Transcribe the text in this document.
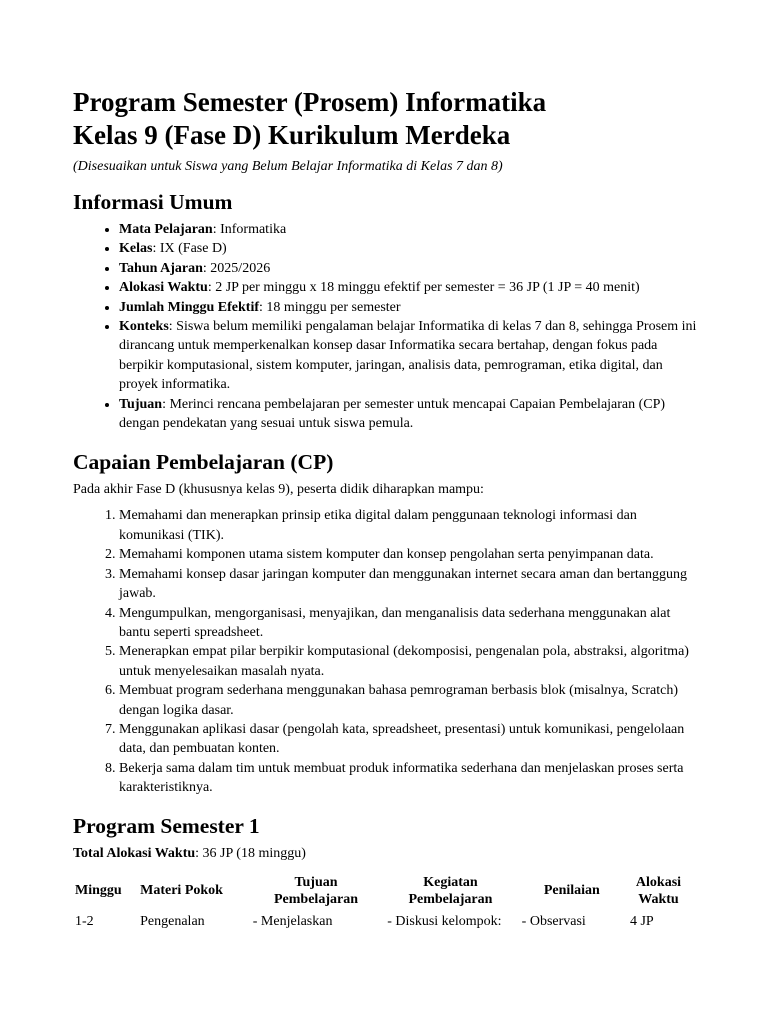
Program Semester (Prosem) Informatika
Kelas 9 (Fase D) Kurikulum Merdeka

(Disesuaikan untuk Siswa yang Belum Belajar Informatika di Kelas 7 dan 8)

Informasi Umum
• Mata Pelajaran: Informatika
• Kelas: IX (Fase D)
• Tahun Ajaran: 2025/2026
• Alokasi Waktu: 2 JP per minggu x 18 minggu efektif per semester = 36 JP (1 JP = 40 menit)
• Jumlah Minggu Efektif: 18 minggu per semester
• Konteks: Siswa belum memiliki pengalaman belajar Informatika di kelas 7 dan 8, sehingga Prosem ini dirancang untuk memperkenalkan konsep dasar Informatika secara bertahap, dengan fokus pada berpikir komputasional, sistem komputer, jaringan, analisis data, pemrograman, etika digital, dan proyek informatika.
• Tujuan: Merinci rencana pembelajaran per semester untuk mencapai Capaian Pembelajaran (CP) dengan pendekatan yang sesuai untuk siswa pemula.
Capaian Pembelajaran (CP)

Pada akhir Fase D (khususnya kelas 9), peserta didik diharapkan mampu:

1. Memahami dan menerapkan prinsip etika digital dalam penggunaan teknologi informasi dan komunikasi (TIK).
2. Memahami komponen utama sistem komputer dan konsep pengolahan serta penyimpanan data.
3. Memahami konsep dasar jaringan komputer dan menggunakan internet secara aman dan bertanggung jawab.
4. Mengumpulkan, mengorganisasi, menyajikan, dan menganalisis data sederhana menggunakan alat bantu seperti spreadsheet.
5. Menerapkan empat pilar berpikir komputasional (dekomposisi, pengenalan pola, abstraksi, algoritma) untuk menyelesaikan masalah nyata.
6. Membuat program sederhana menggunakan bahasa pemrograman berbasis blok (misalnya, Scratch) dengan logika dasar.
7. Menggunakan aplikasi dasar (pengolah kata, spreadsheet, presentasi) untuk komunikasi, pengelolaan data, dan pembuatan konten.
8. Bekerja sama dalam tim untuk membuat produk informatika sederhana dan menjelaskan proses serta karakteristiknya.
Program Semester 1

Total Alokasi Waktu: 36 JP (18 minggu)

Minggu	Materi Pokok	Tujuan Pembelajaran	Kegiatan Pembelajaran	Penilaian	Alokasi Waktu
1-2	Pengenalan	- Menjelaskan	- Diskusi kelompok:	- Observasi	4 JP
